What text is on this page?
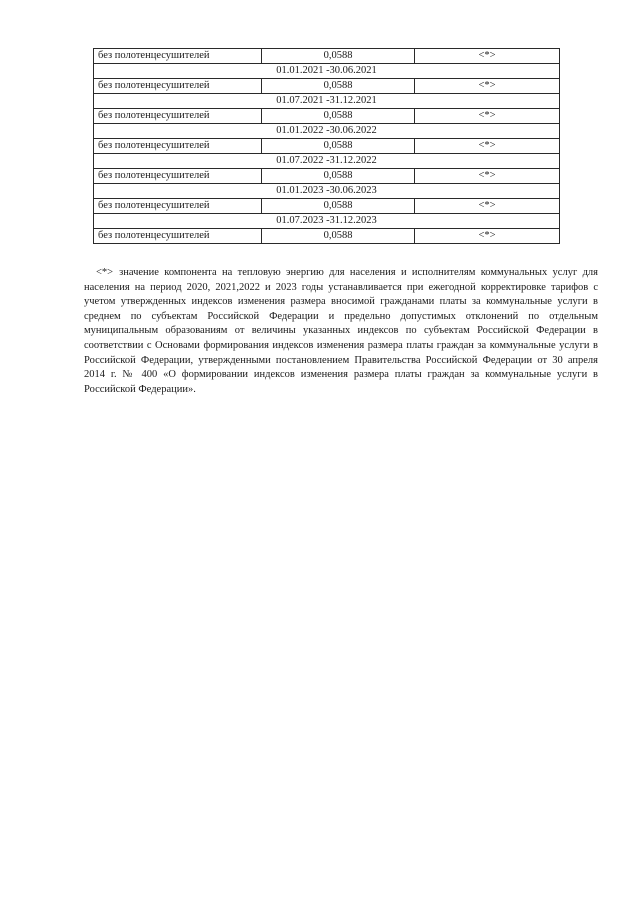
без полотенцесушителей	0,0588	<*>
01.01.2021 -30.06.2021		
без полотенцесушителей	0,0588	<*>
01.07.2021 -31.12.2021		
без полотенцесушителей	0,0588	<*>
01.01.2022 -30.06.2022		
без полотенцесушителей	0,0588	<*>
01.07.2022 -31.12.2022		
без полотенцесушителей	0,0588	<*>
01.01.2023 -30.06.2023		
без полотенцесушителей	0,0588	<*>
01.07.2023 -31.12.2023		
без полотенцесушителей	0,0588	<*>
<*> значение компонента на тепловую энергию для населения и исполнителям коммунальных услуг для населения на период 2020, 2021,2022 и 2023 годы устанавливается при ежегодной корректировке тарифов с учетом утвержденных индексов изменения размера вносимой гражданами платы за коммунальные услуги в среднем по субъектам Российской Федерации и предельно допустимых отклонений по отдельным муниципальным образованиям от величины указанных индексов по субъектам Российской Федерации в соответствии с Основами формирования индексов изменения размера платы граждан за коммунальные услуги в Российской Федерации, утвержденными постановлением Правительства Российской Федерации от 30 апреля 2014 г. № 400 «О формировании индексов изменения размера платы граждан за коммунальные услуги в Российской Федерации».
